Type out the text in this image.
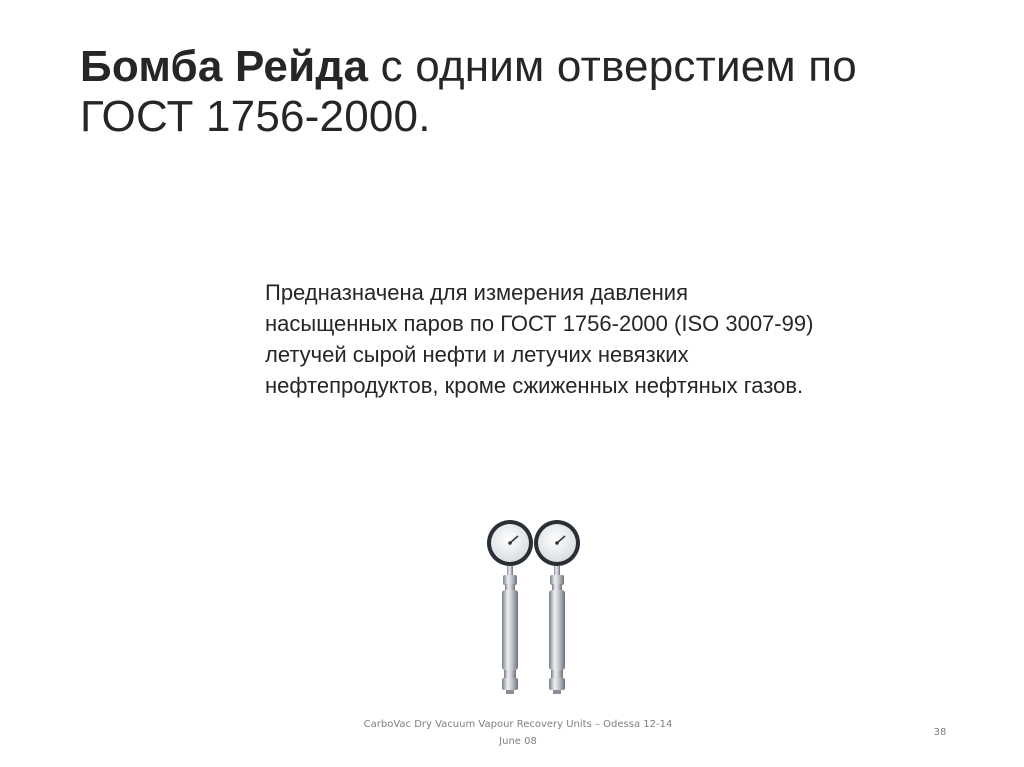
Бомба Рейда с одним отверстием по ГОСТ 1756-2000.
Предназначена для измерения давления насыщенных паров по ГОСТ 1756-2000 (ISO 3007-99) летучей сырой нефти и летучих невязких нефтепродуктов, кроме сжиженных нефтяных газов.
CarboVac Dry Vacuum Vapour Recovery Units – Odessa 12-14
June 08
38
